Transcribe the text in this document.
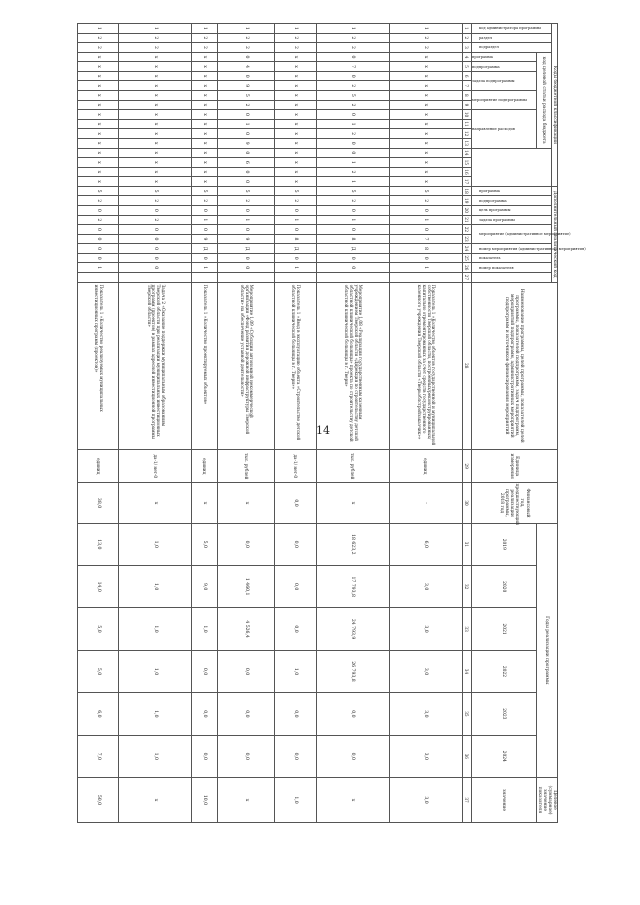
14
Коды бюджетной классификации																	Дополнительный аналитический код										Наименование программы, целей программы, показателей целей программы, показателей подпрограмм, задач подпрограмм, мероприятий подпрограмм, административных мероприятий подпрограмм и источников финансирования мероприятий	Единица измерения	Финансовый год, предшествующий реализации программы, 2018 год	Годы реализации программы						Целевое (суммарное) значение показателя

код администратора программы	раздел	подраздел	код целевой статьи расхода бюджета														программа	подпрограмма	цель программы	задача программы	мероприятие (административное мероприятие)		номер мероприятия (административного мероприятия)	показатель	номер показателя											

			программа	подпрограмма	задача подпрограммы		мероприятие подпрограммы		направление расходов																					2019	2020	2021	2022	2023	2024	значение
1	2	3	4	5	6	7	8	9	10	11	12	13	14	15	16	17	18	19	20	21	22	23	24	25	26	27	28	29	30	31	32	33	34	35	36	37
1	2	2	x	x	x	x	x	x	x	x	x	x	x	x	x	x	5	2	0	1	0	7	8	0	1		Показатель 1 «Количество объектов государственной и муниципальной собственности Тверской области, построенных/реконструированных/капитально отремонтированных за счет средств государственного казенного учреждения Тверской области «Тверьоблстройзаказчик»»	единиц	-	6,0	3,0	3,0	3,0	3,0	3,0	3,0
1	2	2	0	7	0	2	5	2	0	1	2	0	0	1	2	1	5	2	0	1	0	8	Д	0	0		Мероприятие 1.08 «Реализация государственным казенным учреждением Тверской области «Дирекция по строительству детской областной клинической больницы» проекта по строительству детской областной клинической больницы в г. Твери»	тыс. рублей	x	18 623,2	17 793,8	24 793,9	26 793,8	0,0	0,0	x
1	2	2	x	x	x	x	x	x	x	x	x	x	x	x	x	x	5	2	0	1	0	8	Д	0	1		Показатель 1 «Ввод в эксплуатацию объекта «Строительство детской областной клинической больницы в г. Твери»»	да-1/ нет-0	0,0	0,0	0,0	0,0	1,0	0,0	0,0	1,0
1	2	2	0	4	0	9	5	2	0	1	0	9	0	6	0	0	5	2	0	1	0	9	Д	0	0		Мероприятие 1.09 «Субсидии автономной некоммерческой организации «Фонд развития дорожной инфраструктуры Тверской области» на обеспечение уставной деятельности»	тыс. рублей	x	0,0	1 460,1	4 526,4	0,0	0,0	0,0	x
1	2	2	x	x	x	x	x	x	x	x	x	x	x	x	x	x	5	2	0	1	0	9	Д	0	1		Показатель 1 «Количество проектируемых объектов»	единиц	x	5,0	9,0	1,0	0,0	0,0	0,0	10,0
1	2	2	x	x	x	x	x	x	x	x	x	x	x	x	x	x	5	2	0	2	0	0	0	0	0		Задача 2 «Оказание поддержки муниципальным образованиям Тверской области при реализации муниципальных инвестиционных программ (проектов) в рамках адресной инвестиционной программы Тверской области»	да-1/ нет-0	x	1,0	1,0	1,0	1,0	1,0	1,0	x
1	2	2	x	x	x	x	x	x	x	x	x	x	x	x	x	x	5	2	0	2	0	0	0	0	1		Показатель 1 «Количество реализуемых муниципальных инвестиционных программ (проектов)»	единиц	38,0	13,0	14,0	5,0	5,0	6,0	7,0	50,0
